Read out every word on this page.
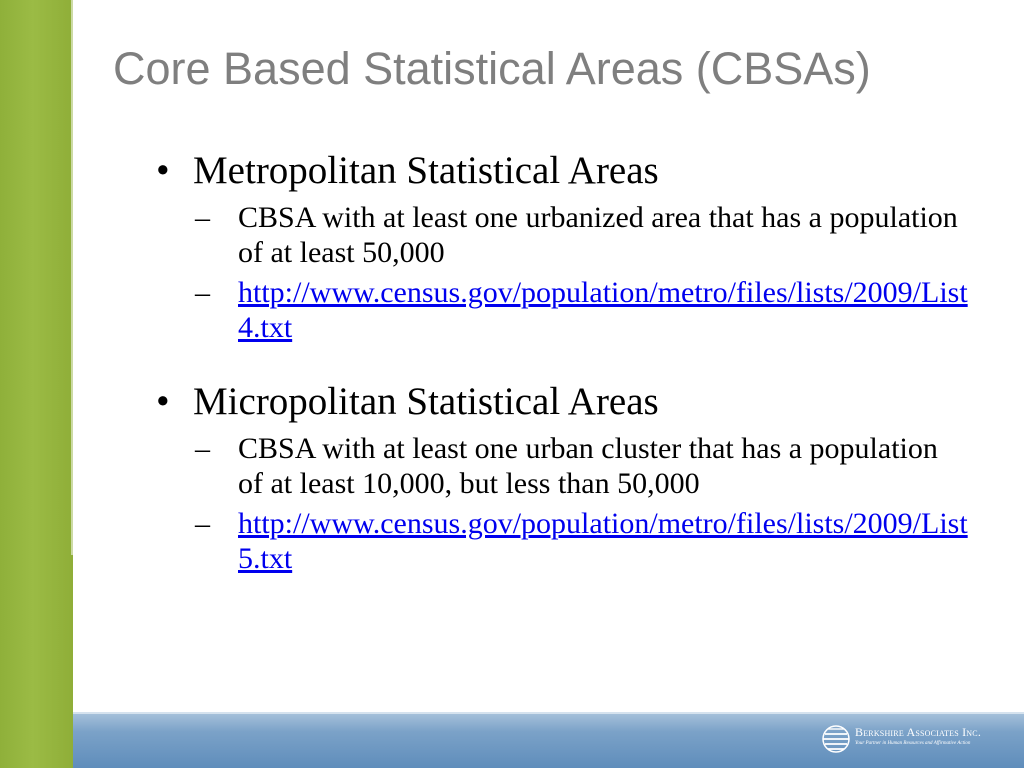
Core Based Statistical Areas (CBSAs)
• Metropolitan Statistical Areas
– CBSA with at least one urbanized area that has a population of at least 50,000
– http://www.census.gov/population/metro/files/lists/2009/List4.txt
• Micropolitan Statistical Areas
– CBSA with at least one urban cluster that has a population of at least 10,000, but less than 50,000
– http://www.census.gov/population/metro/files/lists/2009/List5.txt
Berkshire Associates Inc.
Your Partner in Human Resources and Affirmative Action
